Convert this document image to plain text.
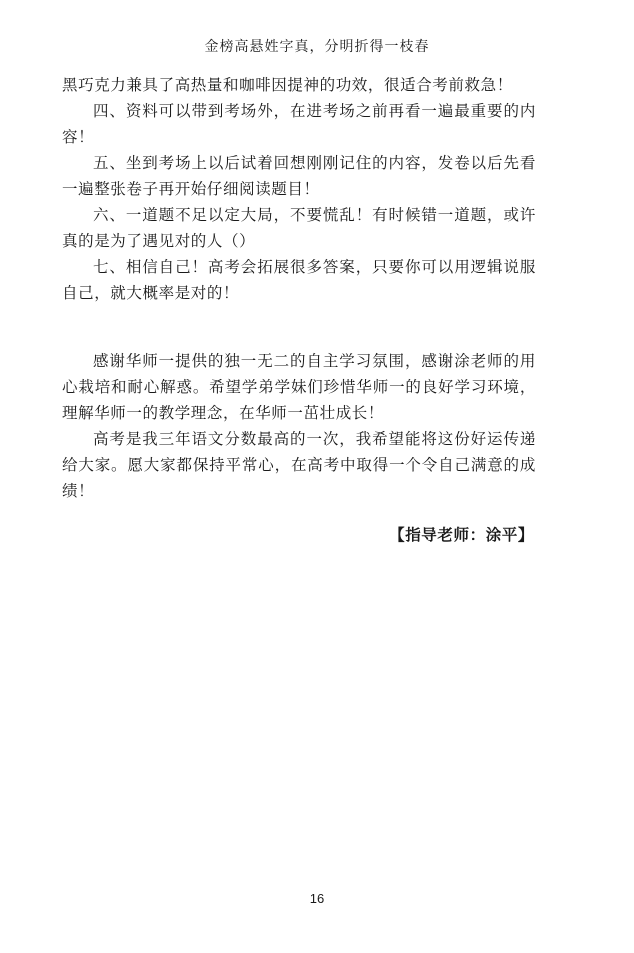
金榜高悬姓字真，分明折得一枝春

黑巧克力兼具了高热量和咖啡因提神的功效，很适合考前救急！

四、资料可以带到考场外，在进考场之前再看一遍最重要的内容！

五、坐到考场上以后试着回想刚刚记住的内容，发卷以后先看一遍整张卷子再开始仔细阅读题目！

六、一道题不足以定大局，不要慌乱！有时候错一道题，或许真的是为了遇见对的人（）

七、相信自己！高考会拓展很多答案，只要你可以用逻辑说服自己，就大概率是对的！

感谢华师一提供的独一无二的自主学习氛围，感谢涂老师的用心栽培和耐心解惑。希望学弟学妹们珍惜华师一的良好学习环境，理解华师一的教学理念，在华师一茁壮成长！

高考是我三年语文分数最高的一次，我希望能将这份好运传递给大家。愿大家都保持平常心，在高考中取得一个令自己满意的成绩！

【指导老师：涂平】

16
